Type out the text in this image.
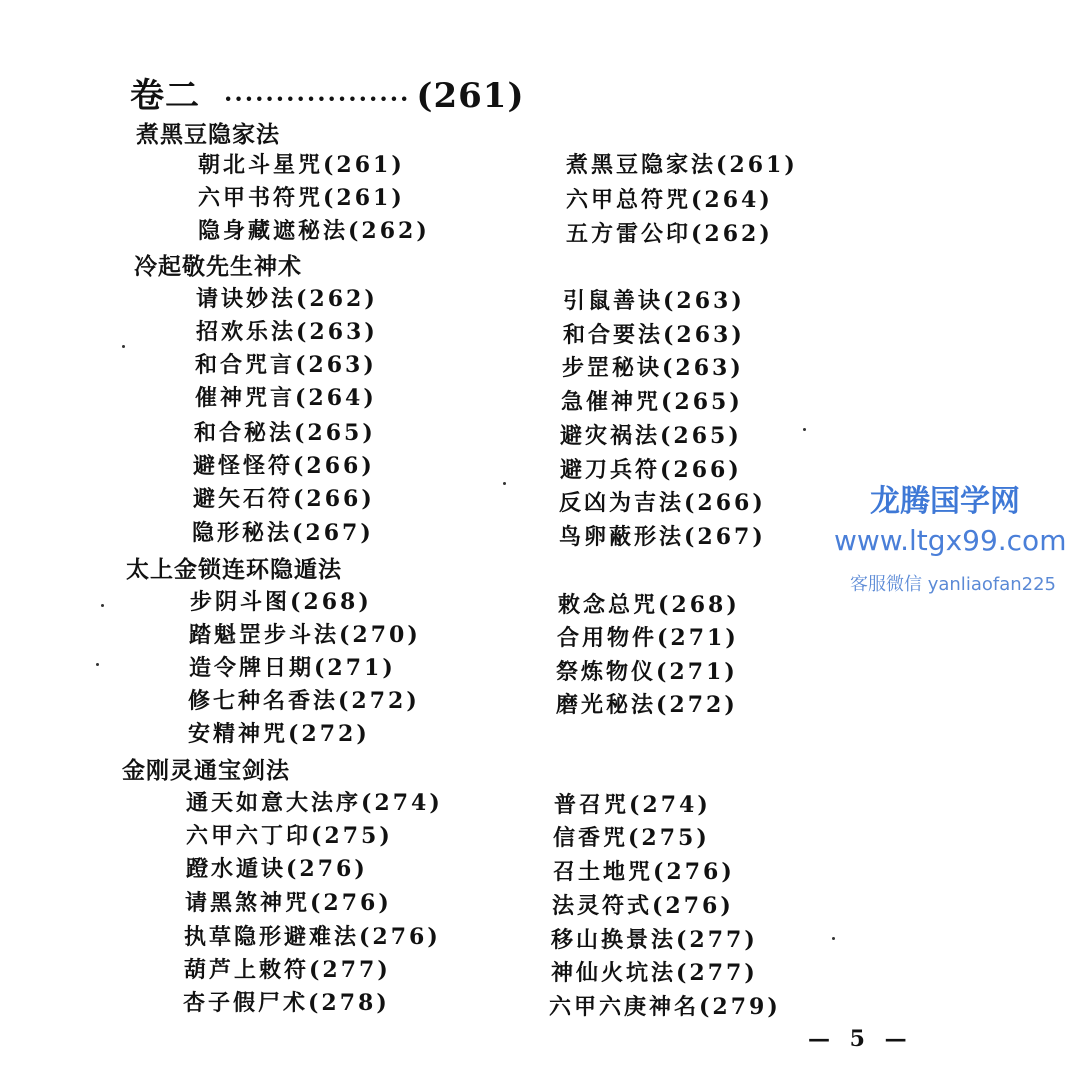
卷二 ·················· (261)
煮黑豆隐家法
朝北斗星咒(261)
六甲书符咒(261)
隐身藏遮秘法(262)
煮黑豆隐家法(261)
六甲总符咒(264)
五方雷公印(262)
冷起敬先生神术
请诀妙法(262)
招欢乐法(263)
和合咒言(263)
催神咒言(264)
和合秘法(265)
避怪怪符(266)
避矢石符(266)
隐形秘法(267)
引鼠善诀(263)
和合要法(263)
步罡秘诀(263)
急催神咒(265)
避灾祸法(265)
避刀兵符(266)
反凶为吉法(266)
鸟卵蔽形法(267)
太上金锁连环隐遁法
步阴斗图(268)
踏魁罡步斗法(270)
造令牌日期(271)
修七种名香法(272)
安精神咒(272)
敕念总咒(268)
合用物件(271)
祭炼物仪(271)
磨光秘法(272)
金刚灵通宝剑法
通天如意大法序(274)
六甲六丁印(275)
蹬水遁诀(276)
请黑煞神咒(276)
执草隐形避难法(276)
葫芦上敕符(277)
杏子假尸术(278)
普召咒(274)
信香咒(275)
召土地咒(276)
法灵符式(276)
移山换景法(277)
神仙火坑法(277)
六甲六庚神名(279)
— 5 —
龙腾国学网
www.ltgx99.com
客服微信 yanliaofan225
